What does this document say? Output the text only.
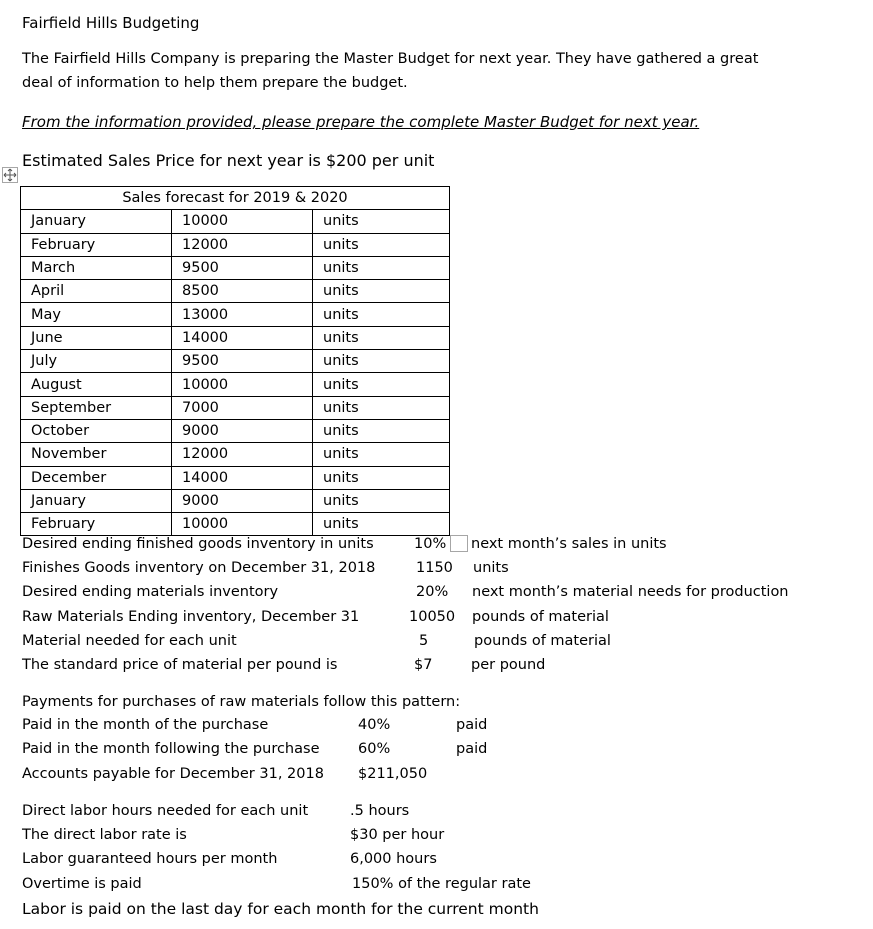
Fairfield Hills Budgeting
The Fairfield Hills Company is preparing the Master Budget for next year. They have gathered a great
deal of information to help them prepare the budget.
From the information provided, please prepare the complete Master Budget for next year.
Estimated Sales Price for next year is $200 per unit
Sales forecast for 2019 & 2020		
January	10000	units
February	12000	units
March	9500	units
April	8500	units
May	13000	units
June	14000	units
July	9500	units
August	10000	units
September	7000	units
October	9000	units
November	12000	units
December	14000	units
January	9000	units
February	10000	units
Desired ending finished goods inventory in units	10% next month’s sales in units
Finishes Goods inventory on December 31, 2018	1150 units
Desired ending materials inventory	20% next month’s material needs for production
Raw Materials Ending inventory, December 31	10050 pounds of material
Material needed for each unit	5	pounds of material
The standard price of material per pound is	$7	per pound
Payments for purchases of raw materials follow this pattern:
Paid in the month of the purchase	40%	paid
Paid in the month following the purchase	60%	paid
Accounts payable for December 31, 2018 $211,050
Direct labor hours needed for each unit	.5 hours
The direct labor rate is	$30 per hour
Labor guaranteed hours per month	6,000 hours
Overtime is paid	150% of the regular rate
Labor is paid on the last day for each month for the current month
